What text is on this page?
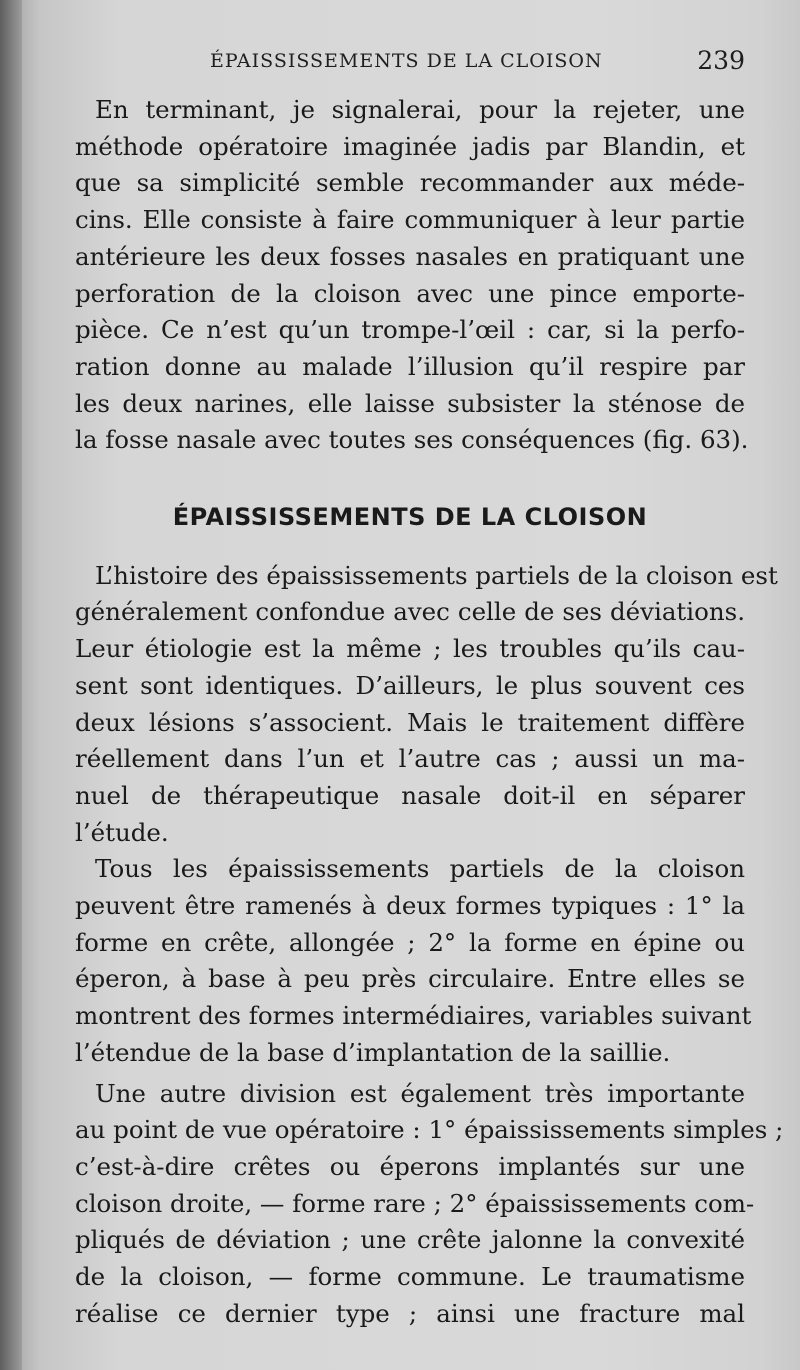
ÉPAISSISSEMENTS DE LA CLOISON	239
En terminant, je signalerai, pour la rejeter, une
méthode opératoire imaginée jadis par Blandin, et
que sa simplicité semble recommander aux méde-
cins. Elle consiste à faire communiquer à leur partie
antérieure les deux fosses nasales en pratiquant une
perforation de la cloison avec une pince emporte-
pièce. Ce n’est qu’un trompe-l’œil : car, si la perfo-
ration donne au malade l’illusion qu’il respire par
les deux narines, elle laisse subsister la sténose de
la fosse nasale avec toutes ses conséquences (fig. 63).
ÉPAISSISSEMENTS DE LA CLOISON
L’histoire des épaississements partiels de la cloison est
généralement confondue avec celle de ses déviations.
Leur étiologie est la même ; les troubles qu’ils cau-
sent sont identiques. D’ailleurs, le plus souvent ces
deux lésions s’associent. Mais le traitement diffère
réellement dans l’un et l’autre cas ; aussi un ma-
nuel de thérapeutique nasale doit-il en séparer
l’étude.
Tous les épaississements partiels de la cloison
peuvent être ramenés à deux formes typiques : 1° la
forme en crête, allongée ; 2° la forme en épine ou
éperon, à base à peu près circulaire. Entre elles se
montrent des formes intermédiaires, variables suivant
l’étendue de la base d’implantation de la saillie.
Une autre division est également très importante
au point de vue opératoire : 1° épaississements simples ;
c’est-à-dire crêtes ou éperons implantés sur une
cloison droite, — forme rare ; 2° épaississements com-
pliqués de déviation ; une crête jalonne la convexité
de la cloison, — forme commune. Le traumatisme
réalise ce dernier type ; ainsi une fracture mal
